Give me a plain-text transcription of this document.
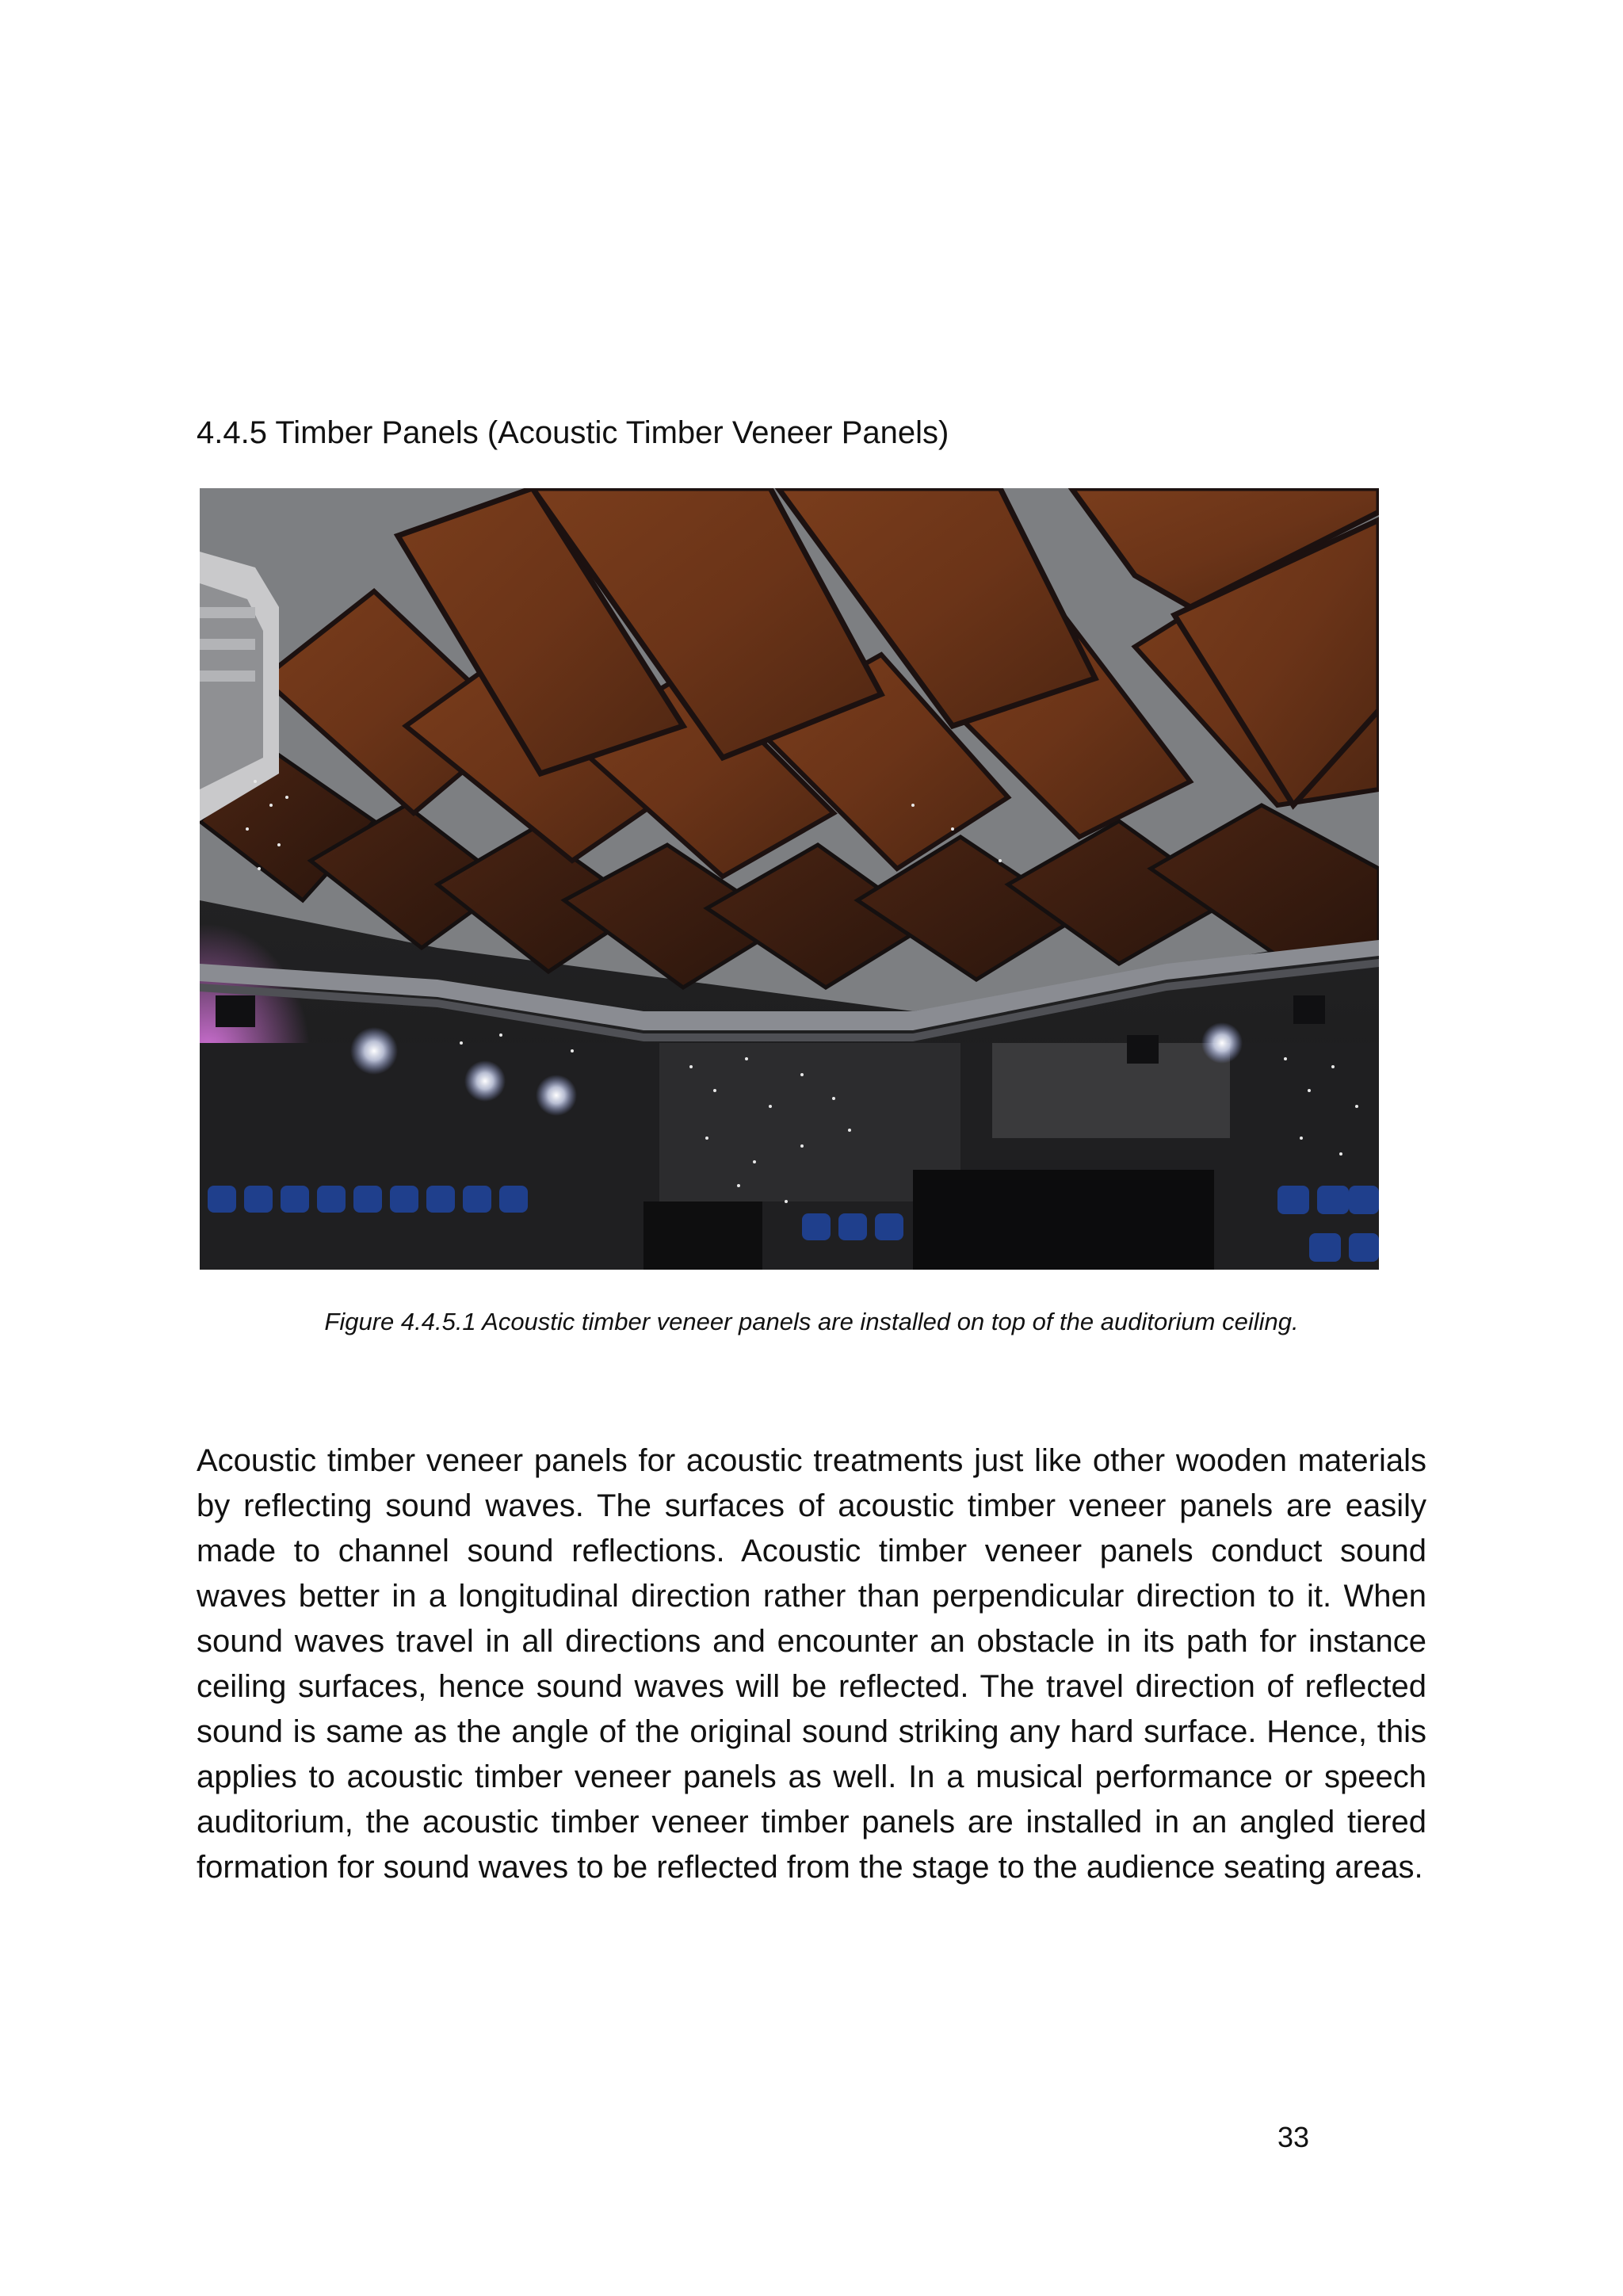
4.4.5 Timber Panels (Acoustic Timber Veneer Panels)

Figure 4.4.5.1 Acoustic timber veneer panels are installed on top of the auditorium ceiling.

Acoustic timber veneer panels for acoustic treatments just like other wooden materials by reflecting sound waves. The surfaces of acoustic timber veneer panels are easily made to channel sound reflections. Acoustic timber veneer panels conduct sound waves better in a longitudinal direction rather than perpendicular direction to it. When sound waves travel in all directions and encounter an obstacle in its path for instance ceiling surfaces, hence sound waves will be reflected. The travel direction of reflected sound is same as the angle of the original sound striking any hard surface. Hence, this applies to acoustic timber veneer panels as well. In a musical performance or speech auditorium, the acoustic timber veneer timber panels are installed in an angled tiered formation for sound waves to be reflected from the stage to the audience seating areas.

33
